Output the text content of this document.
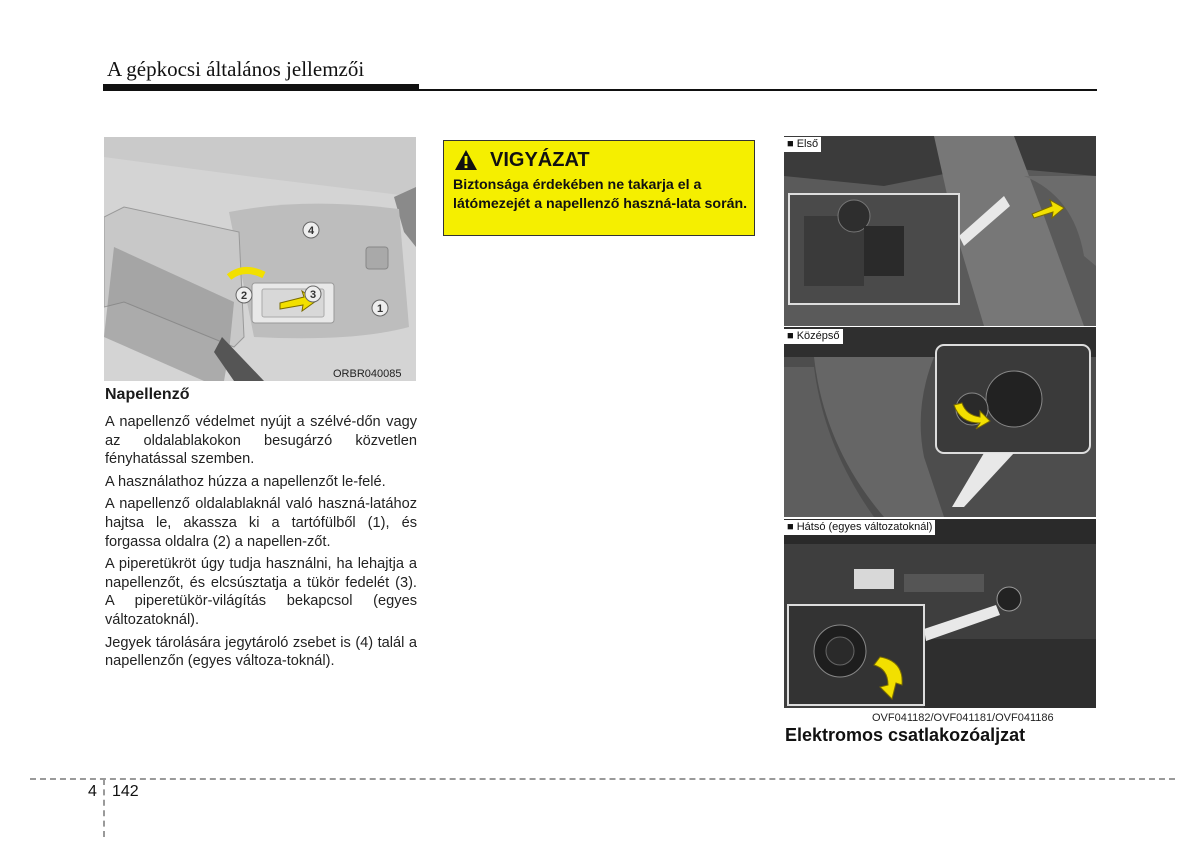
A gépkocsi általános jellemzői
4
2	3
1
ORBR040085
Napellenző

A napellenző védelmet nyújt a szélvé-dőn vagy az oldalablakokon besugárzó közvetlen fényhatással szemben.

A használathoz húzza a napellenzőt le-felé.

A napellenző oldalablaknál való haszná-latához hajtsa le, akassza ki a tartófülből (1), és forgassa oldalra (2) a napellen-zőt.

A piperetükröt úgy tudja használni, ha lehajtja a napellenzőt, és elcsúsztatja a tükör fedelét (3). A piperetükör-világítás bekapcsol (egyes változatoknál).

Jegyek tárolására jegytároló zsebet is (4) talál a napellenzőn (egyes változa-toknál).

VIGYÁZAT
Biztonsága érdekében ne takarja el a látómezejét a napellenző haszná-lata során.
■ Első
■ Középső
■ Hátsó (egyes változatoknál)
OVF041182/OVF041181/OVF041186
Elektromos csatlakozóaljzat
4 142
